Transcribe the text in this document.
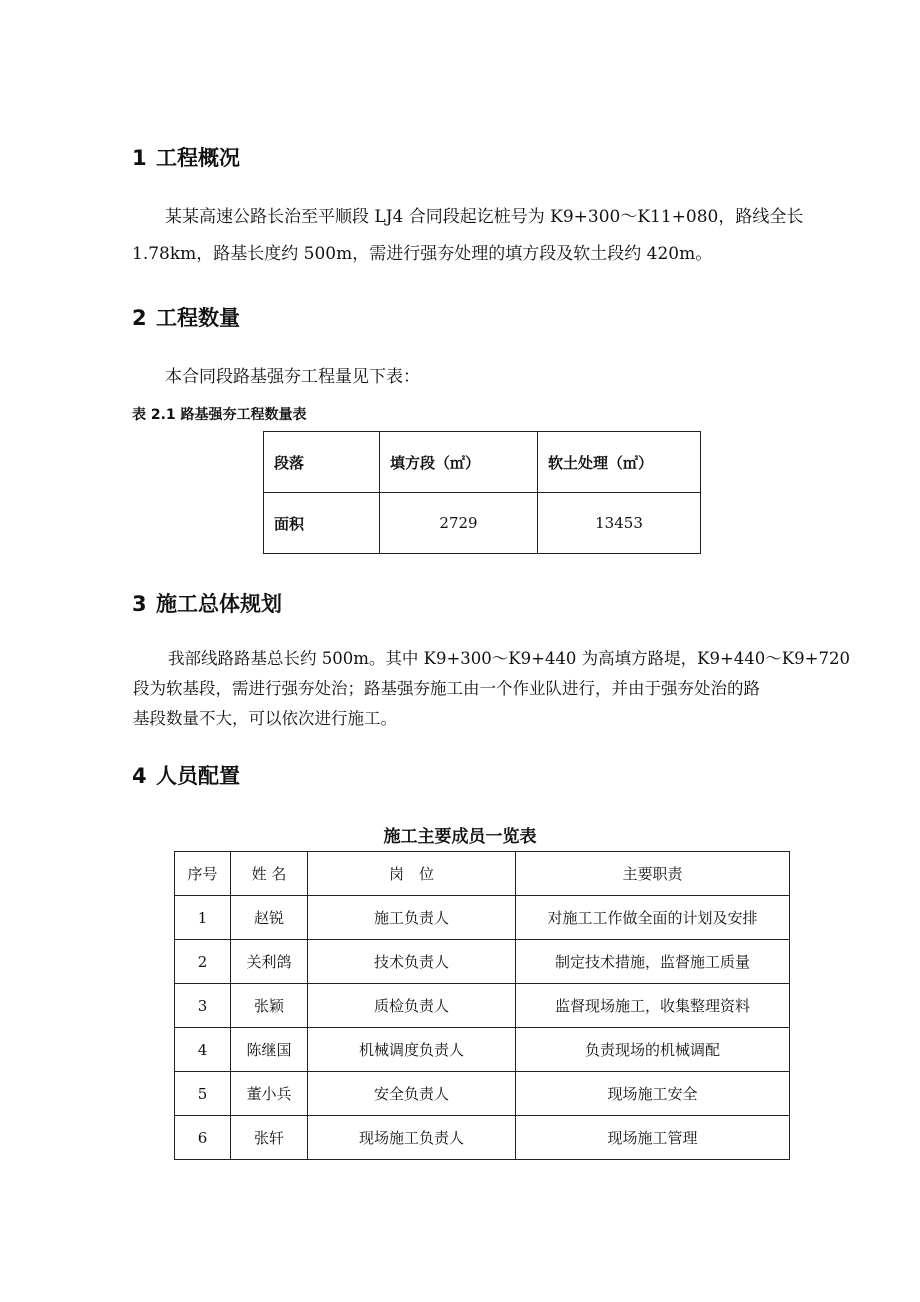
1 工程概况
某某高速公路长治至平顺段 LJ4 合同段起讫桩号为 K9+300～K11+080，路线全长
1.78km，路基长度约 500m，需进行强夯处理的填方段及软土段约 420m。
2 工程数量
本合同段路基强夯工程量见下表：
表 2.1 路基强夯工程数量表
段落	填方段（㎡）	软土处理（㎡）
面积	2729	13453
3 施工总体规划
我部线路路基总长约 500m。其中 K9+300～K9+440 为高填方路堤，K9+440～K9+720
段为软基段，需进行强夯处治；路基强夯施工由一个作业队进行，并由于强夯处治的路
基段数量不大，可以依次进行施工。
4 人员配置
施工主要成员一览表
序号	姓 名	岗　位	主要职责
1	赵锐	施工负责人	对施工工作做全面的计划及安排
2	关利鸽	技术负责人	制定技术措施，监督施工质量
3	张颖	质检负责人	监督现场施工，收集整理资料
4	陈继国	机械调度负责人	负责现场的机械调配
5	董小兵	安全负责人	现场施工安全
6	张轩	现场施工负责人	现场施工管理
